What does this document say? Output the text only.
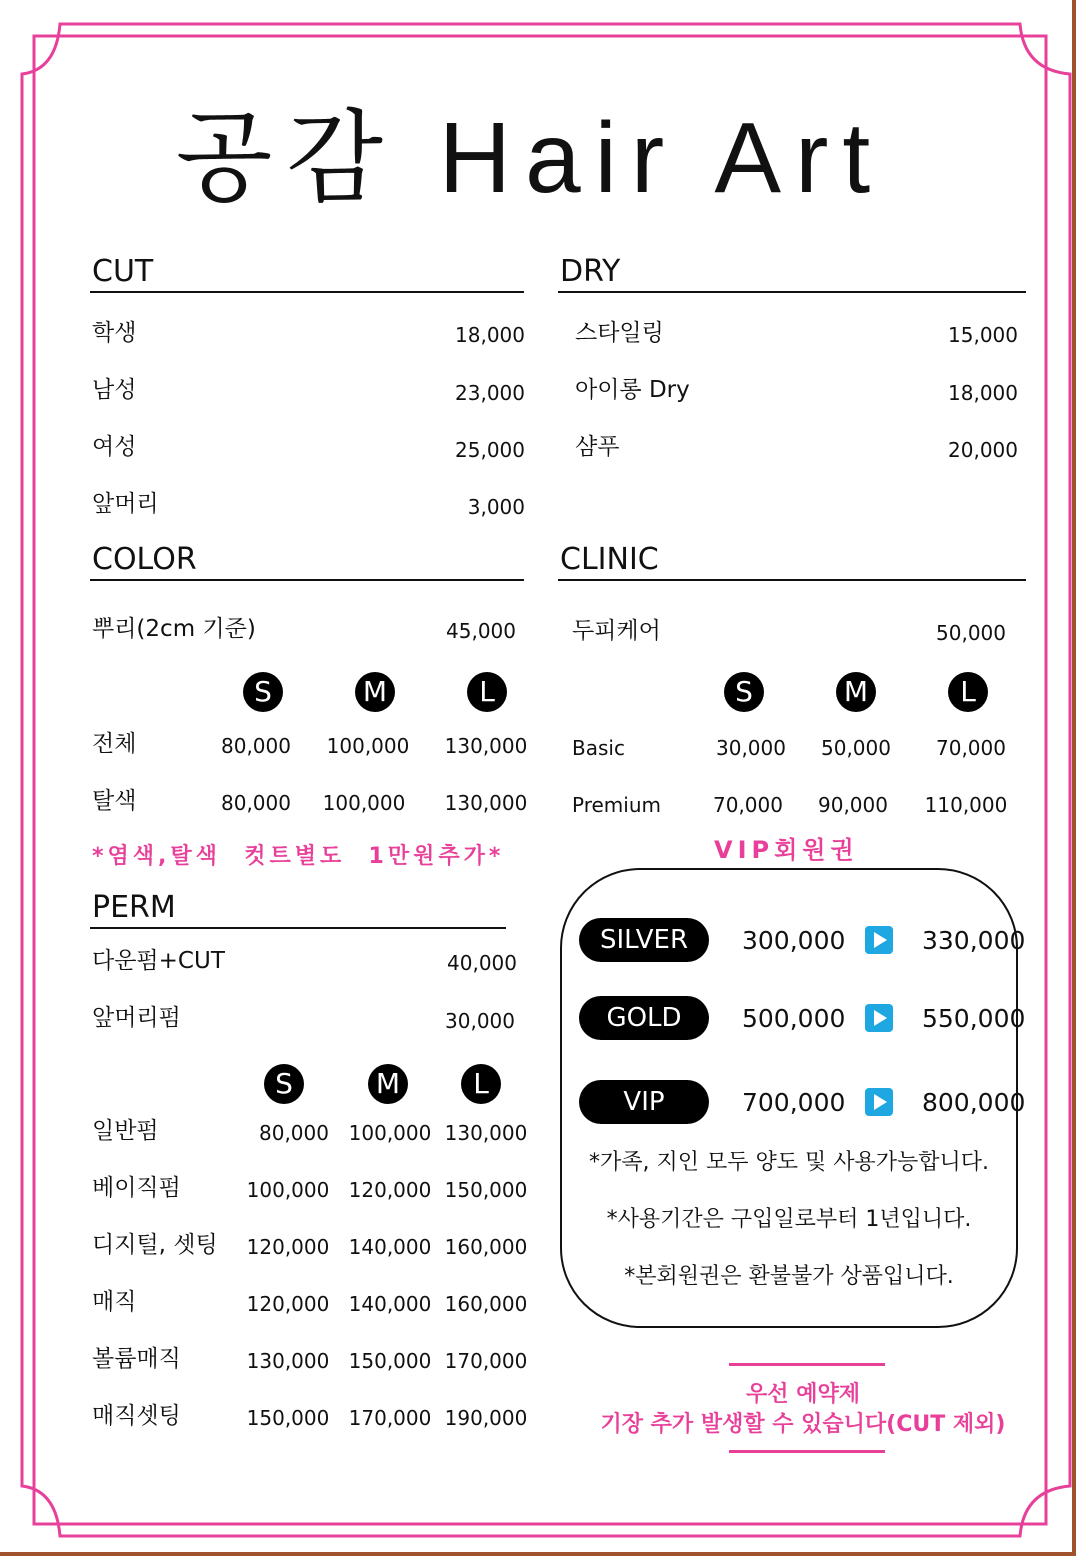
공감 Hair Art
CUT
학생	18,000
남성	23,000
여성	25,000
앞머리	3,000
DRY
스타일링	15,000
아이롱 Dry	18,000
샴푸	20,000
COLOR
뿌리(2cm 기준)	45,000
S	M	L
전체	80,000	100,000	130,000
탈색	80,000	100,000	130,000
*염색,탈색  컷트별도  1만원추가*
CLINIC
두피케어	50,000
S	M	L
Basic	30,000	50,000	70,000
Premium	70,000	90,000	110,000
VIP회원권
SILVER	300,000	330,000
GOLD	500,000	550,000
VIP	700,000	800,000
*가족, 지인 모두 양도 및 사용가능합니다.
*사용기간은 구입일로부터 1년입니다.
*본회원권은 환불불가 상품입니다.
PERM
다운펌+CUT	40,000
앞머리펌	30,000
S	M	L
일반펌	80,000 100,000 130,000
베이직펌	100,000 120,000 150,000
디지털, 셋팅	120,000 140,000 160,000
매직	120,000 140,000 160,000
볼륨매직	130,000 150,000 170,000
매직셋팅	150,000 170,000 190,000
우선 예약제
기장 추가 발생할 수 있습니다(CUT 제외)
